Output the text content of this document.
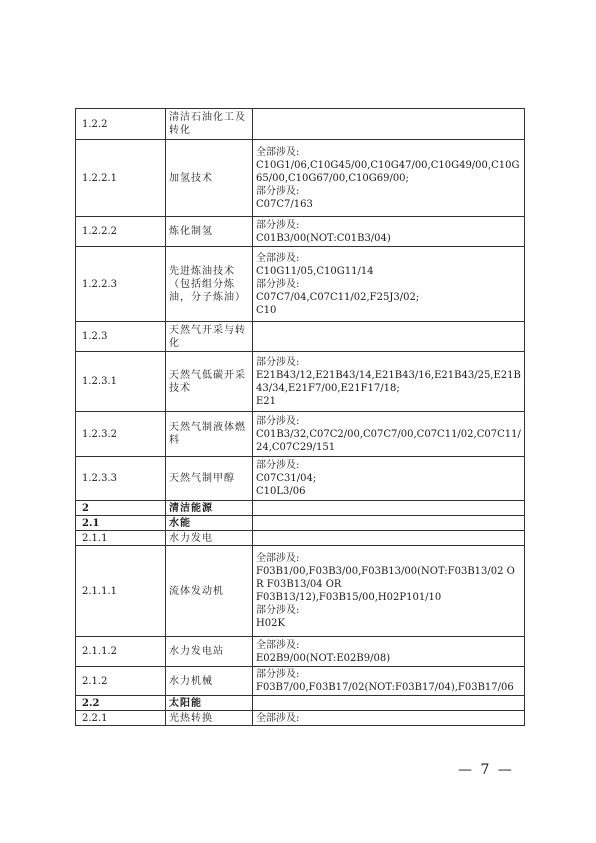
1.2.2	清洁石油化工及转化	
1.2.2.1	加氢技术	全部涉及:
C10G1/06,C10G45/00,C10G47/00,C10G49/00,C10G65/00,C10G67/00,C10G69/00;
部分涉及:
C07C7/163

1.2.2.2	炼化制氢	部分涉及:
C01B3/00(NOT:C01B3/04)

1.2.2.3	先进炼油技术（包括组分炼油，分子炼油）	全部涉及:
C10G11/05,C10G11/14
部分涉及:
C07C7/04,C07C11/02,F25J3/02;
C10

1.2.3	天然气开采与转化	
1.2.3.1	天然气低碳开采技术	部分涉及:
E21B43/12,E21B43/14,E21B43/16,E21B43/25,E21B43/34,E21F7/00,E21F17/18;
E21

1.2.3.2	天然气制液体燃料	部分涉及:
C01B3/32,C07C2/00,C07C7/00,C07C11/02,C07C11/24,C07C29/151

1.2.3.3	天然气制甲醇	部分涉及:
C07C31/04;
C10L3/06

2	清洁能源	
2.1	水能	
2.1.1	水力发电	
2.1.1.1	流体发动机	全部涉及:
F03B1/00,F03B3/00,F03B13/00(NOT:F03B13/02 OR F03B13/04 OR
F03B13/12),F03B15/00,H02P101/10
部分涉及:
H02K

2.1.1.2	水力发电站	全部涉及:
E02B9/00(NOT:E02B9/08)

2.1.2	水力机械	部分涉及:
F03B7/00,F03B17/02(NOT:F03B17/04),F03B17/06

2.2	太阳能	
2.2.1	光热转换	全部涉及:
— 7 —
